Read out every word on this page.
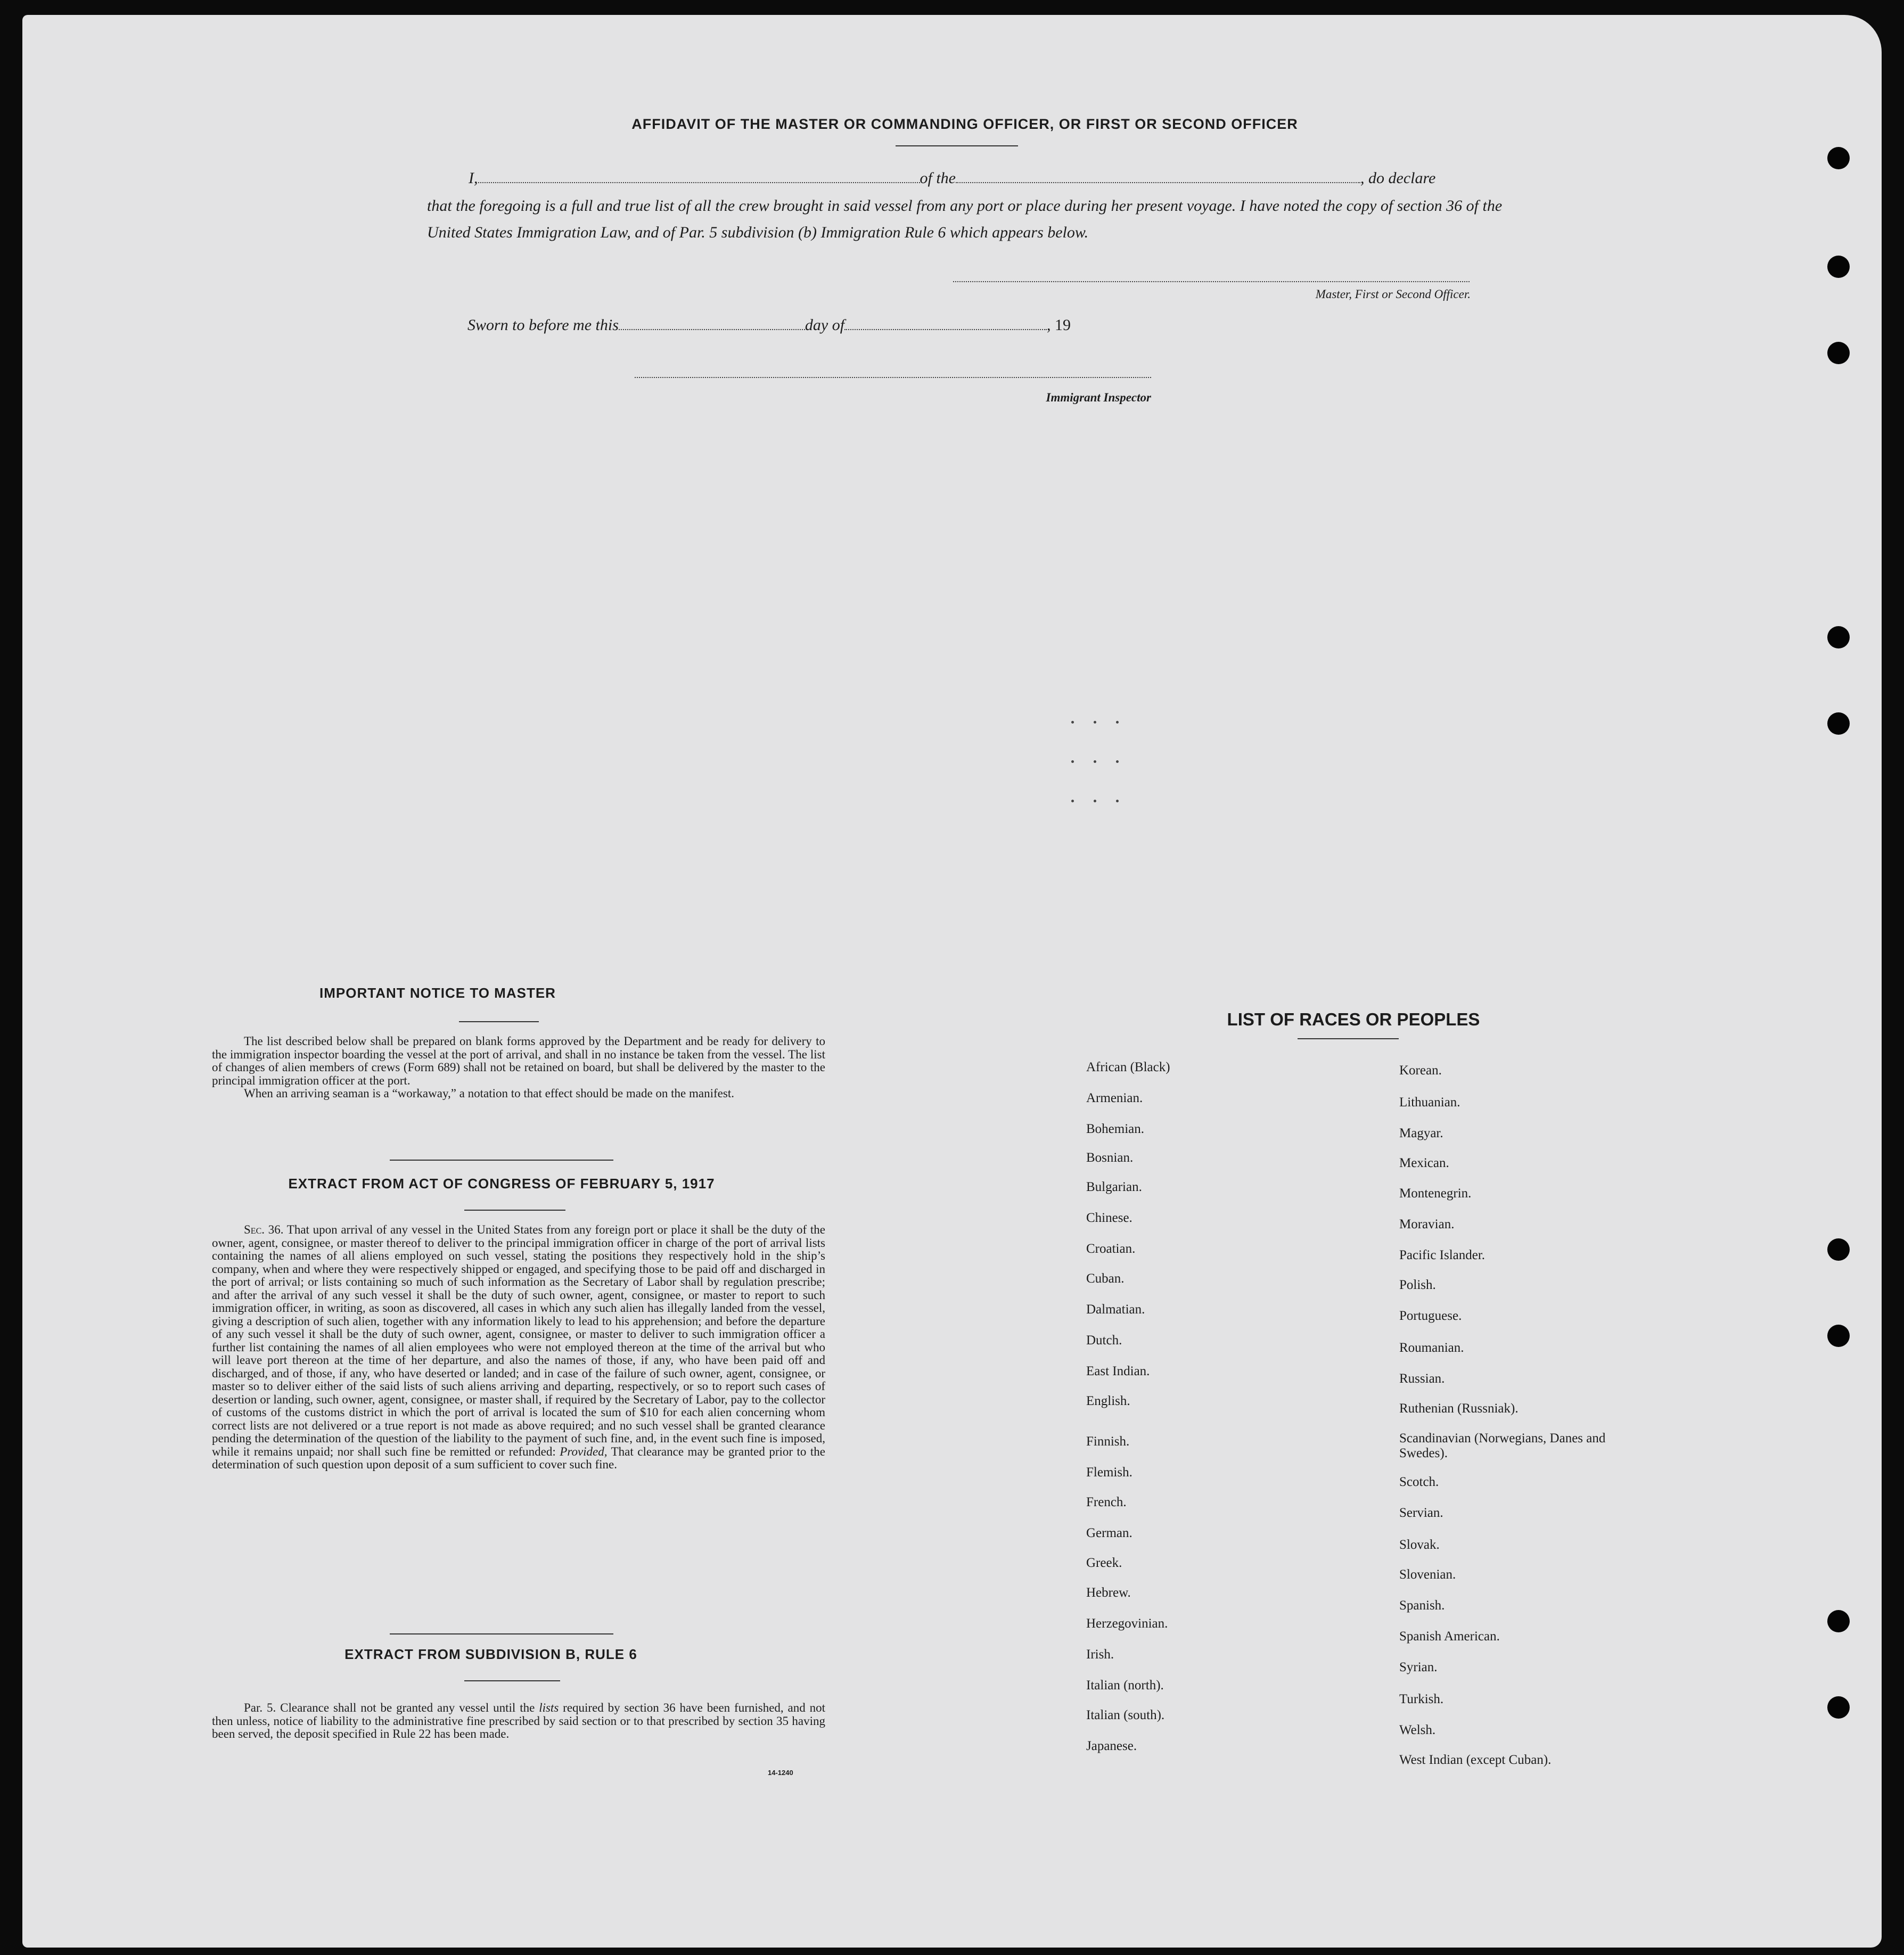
AFFIDAVIT OF THE MASTER OR COMMANDING OFFICER, OR FIRST OR SECOND OFFICER
I,	of the	, do declare
that the foregoing is a full and true list of all the crew brought in said vessel from any port or place during her present voyage. I have noted the copy of section 36 of the United States Immigration Law, and of Par. 5 subdivision (b) Immigration Rule 6 which appears below.
Master, First or Second Officer.
Sworn to before me this	day of	, 19
Immigrant Inspector
IMPORTANT NOTICE TO MASTER
The list described below shall be prepared on blank forms approved by the Department and be ready for delivery to the immigration inspector boarding the vessel at the port of arrival, and shall in no instance be taken from the vessel. The list of changes of alien members of crews (Form 689) shall not be retained on board, but shall be delivered by the master to the principal immigration officer at the port.
When an arriving seaman is a “workaway,” a notation to that effect should be made on the manifest.
EXTRACT FROM ACT OF CONGRESS OF FEBRUARY 5, 1917
Sec. 36. That upon arrival of any vessel in the United States from any foreign port or place it shall be the duty of the owner, agent, consignee, or master thereof to deliver to the principal immigration officer in charge of the port of arrival lists containing the names of all aliens employed on such vessel, stating the positions they respectively hold in the ship’s company, when and where they were respectively shipped or engaged, and specifying those to be paid off and discharged in the port of arrival; or lists containing so much of such information as the Secretary of Labor shall by regulation prescribe; and after the arrival of any such vessel it shall be the duty of such owner, agent, consignee, or master to report to such immigration officer, in writing, as soon as discovered, all cases in which any such alien has illegally landed from the vessel, giving a description of such alien, together with any information likely to lead to his apprehension; and before the departure of any such vessel it shall be the duty of such owner, agent, consignee, or master to deliver to such immigration officer a further list containing the names of all alien employees who were not employed thereon at the time of the arrival but who will leave port thereon at the time of her departure, and also the names of those, if any, who have been paid off and discharged, and of those, if any, who have deserted or landed; and in case of the failure of such owner, agent, consignee, or master so to deliver either of the said lists of such aliens arriving and departing, respectively, or so to report such cases of desertion or landing, such owner, agent, consignee, or master shall, if required by the Secretary of Labor, pay to the collector of customs of the customs district in which the port of arrival is located the sum of $10 for each alien concerning whom correct lists are not delivered or a true report is not made as above required; and no such vessel shall be granted clearance pending the determination of the question of the liability to the payment of such fine, and, in the event such fine is imposed, while it remains unpaid; nor shall such fine be remitted or refunded: Provided, That clearance may be granted prior to the determination of such question upon deposit of a sum sufficient to cover such fine.
EXTRACT FROM SUBDIVISION B, RULE 6
Par. 5. Clearance shall not be granted any vessel until the lists required by section 36 have been furnished, and not then unless, notice of liability to the administrative fine prescribed by said section or to that prescribed by section 35 having been served, the deposit specified in Rule 22 has been made.
14-1240
LIST OF RACES OR PEOPLES
African (Black)
Armenian.
Bohemian.
Bosnian.
Bulgarian.
Chinese.
Croatian.
Cuban.
Dalmatian.
Dutch.
East Indian.
English.
Finnish.
Flemish.
French.
German.
Greek.
Hebrew.
Herzegovinian.
Irish.
Italian (north).
Italian (south).
Japanese.
Korean.
Lithuanian.
Magyar.
Mexican.
Montenegrin.
Moravian.
Pacific Islander.
Polish.
Portuguese.
Roumanian.
Russian.
Ruthenian (Russniak).
Scandinavian (Norwegians, Danes and Swedes).
Scotch.
Servian.
Slovak.
Slovenian.
Spanish.
Spanish American.
Syrian.
Turkish.
Welsh.
West Indian (except Cuban).
